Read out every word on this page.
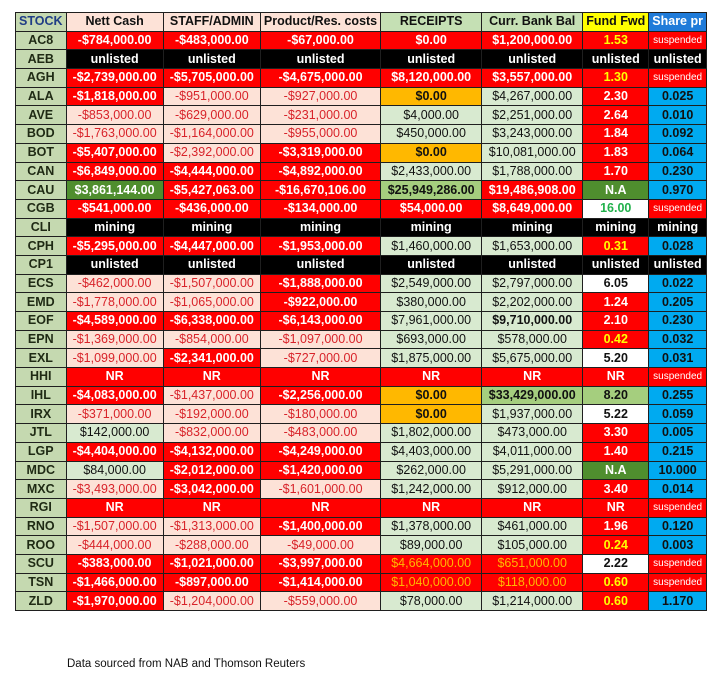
STOCK	Nett Cash	STAFF/ADMIN	Product/Res. costs	RECEIPTS	Curr. Bank Bal	Fund Fwd	Share pr
AC8	-$784,000.00	-$483,000.00	-$67,000.00	$0.00	$1,200,000.00	1.53	suspended
AEB	unlisted	unlisted	unlisted	unlisted	unlisted	unlisted	unlisted
AGH	-$2,739,000.00	-$5,705,000.00	-$4,675,000.00	$8,120,000.00	$3,557,000.00	1.30	suspended
ALA	-$1,818,000.00	-$951,000.00	-$927,000.00	$0.00	$4,267,000.00	2.30	0.025
AVE	-$853,000.00	-$629,000.00	-$231,000.00	$4,000.00	$2,251,000.00	2.64	0.010
BOD	-$1,763,000.00	-$1,164,000.00	-$955,000.00	$450,000.00	$3,243,000.00	1.84	0.092
BOT	-$5,407,000.00	-$2,392,000.00	-$3,319,000.00	$0.00	$10,081,000.00	1.83	0.064
CAN	-$6,849,000.00	-$4,444,000.00	-$4,892,000.00	$2,433,000.00	$1,788,000.00	1.70	0.230
CAU	$3,861,144.00	-$5,427,063.00	-$16,670,106.00	$25,949,286.00	$19,486,908.00	N.A	0.970
CGB	-$541,000.00	-$436,000.00	-$134,000.00	$54,000.00	$8,649,000.00	16.00	suspended
CLI	mining	mining	mining	mining	mining	mining	mining
CPH	-$5,295,000.00	-$4,447,000.00	-$1,953,000.00	$1,460,000.00	$1,653,000.00	0.31	0.028
CP1	unlisted	unlisted	unlisted	unlisted	unlisted	unlisted	unlisted
ECS	-$462,000.00	-$1,507,000.00	-$1,888,000.00	$2,549,000.00	$2,797,000.00	6.05	0.022
EMD	-$1,778,000.00	-$1,065,000.00	-$922,000.00	$380,000.00	$2,202,000.00	1.24	0.205
EOF	-$4,589,000.00	-$6,338,000.00	-$6,143,000.00	$7,961,000.00	$9,710,000.00	2.10	0.230
EPN	-$1,369,000.00	-$854,000.00	-$1,097,000.00	$693,000.00	$578,000.00	0.42	0.032
EXL	-$1,099,000.00	-$2,341,000.00	-$727,000.00	$1,875,000.00	$5,675,000.00	5.20	0.031
HHI	NR	NR	NR	NR	NR	NR	suspended
IHL	-$4,083,000.00	-$1,437,000.00	-$2,256,000.00	$0.00	$33,429,000.00	8.20	0.255
IRX	-$371,000.00	-$192,000.00	-$180,000.00	$0.00	$1,937,000.00	5.22	0.059
JTL	$142,000.00	-$832,000.00	-$483,000.00	$1,802,000.00	$473,000.00	3.30	0.005
LGP	-$4,404,000.00	-$4,132,000.00	-$4,249,000.00	$4,403,000.00	$4,011,000.00	1.40	0.215
MDC	$84,000.00	-$2,012,000.00	-$1,420,000.00	$262,000.00	$5,291,000.00	N.A	10.000
MXC	-$3,493,000.00	-$3,042,000.00	-$1,601,000.00	$1,242,000.00	$912,000.00	3.40	0.014
RGI	NR	NR	NR	NR	NR	NR	suspended
RNO	-$1,507,000.00	-$1,313,000.00	-$1,400,000.00	$1,378,000.00	$461,000.00	1.96	0.120
ROO	-$444,000.00	-$288,000.00	-$49,000.00	$89,000.00	$105,000.00	0.24	0.003
SCU	-$383,000.00	-$1,021,000.00	-$3,997,000.00	$4,664,000.00	$651,000.00	2.22	suspended
TSN	-$1,466,000.00	-$897,000.00	-$1,414,000.00	$1,040,000.00	$118,000.00	0.60	suspended
ZLD	-$1,970,000.00	-$1,204,000.00	-$559,000.00	$78,000.00	$1,214,000.00	0.60	1.170
Data sourced from NAB and Thomson Reuters
